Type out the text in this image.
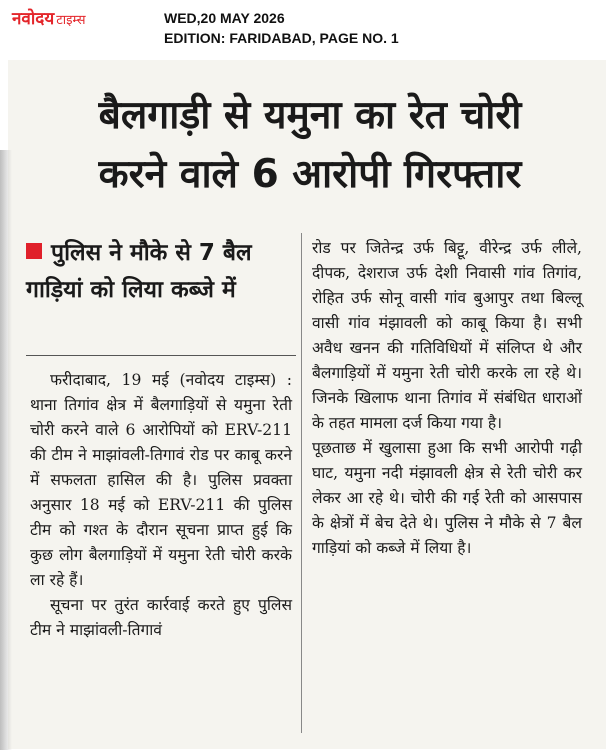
नवोदय टाइम्स	WED,20 MAY 2026
EDITION: FARIDABAD, PAGE NO. 1
बैलगाड़ी से यमुना का रेत चोरी
करने वाले 6 आरोपी गिरफ्तार
पुलिस ने मौके से 7 बैल गाड़ियां को लिया कब्जे में

फरीदाबाद, 19 मई (नवोदय टाइम्स) : थाना तिगांव क्षेत्र में बैलगाड़ियों से यमुना रेती चोरी करने वाले 6 आरोपियों को ERV-211 की टीम ने माझांवली-तिगावं रोड पर काबू करने में सफलता हासिल की है। पुलिस प्रवक्ता अनुसार 18 मई को ERV-211 की पुलिस टीम को गश्त के दौरान सूचना प्राप्त हुई कि कुछ लोग बैलगाड़ियों में यमुना रेती चोरी करके ला रहे हैं।

सूचना पर तुरंत कार्रवाई करते हुए पुलिस टीम ने माझांवली-तिगावं

रोड पर जितेन्द्र उर्फ बिट्टू, वीरेन्द्र उर्फ लीले, दीपक, देशराज उर्फ देशी निवासी गांव तिगांव, रोहित उर्फ सोनू वासी गांव बुआपुर तथा बिल्लू वासी गांव मंझावली को काबू किया है। सभी अवैध खनन की गतिविधियों में संलिप्त थे और बैलगाड़ियों में यमुना रेती चोरी करके ला रहे थे। जिनके खिलाफ थाना तिगांव में संबंधित धाराओं के तहत मामला दर्ज किया गया है।

पूछताछ में खुलासा हुआ कि सभी आरोपी गढ़ी घाट, यमुना नदी मंझावली क्षेत्र से रेती चोरी कर लेकर आ रहे थे। चोरी की गई रेती को आसपास के क्षेत्रों में बेच देते थे। पुलिस ने मौके से 7 बैल गाड़ियां को कब्जे में लिया है।
